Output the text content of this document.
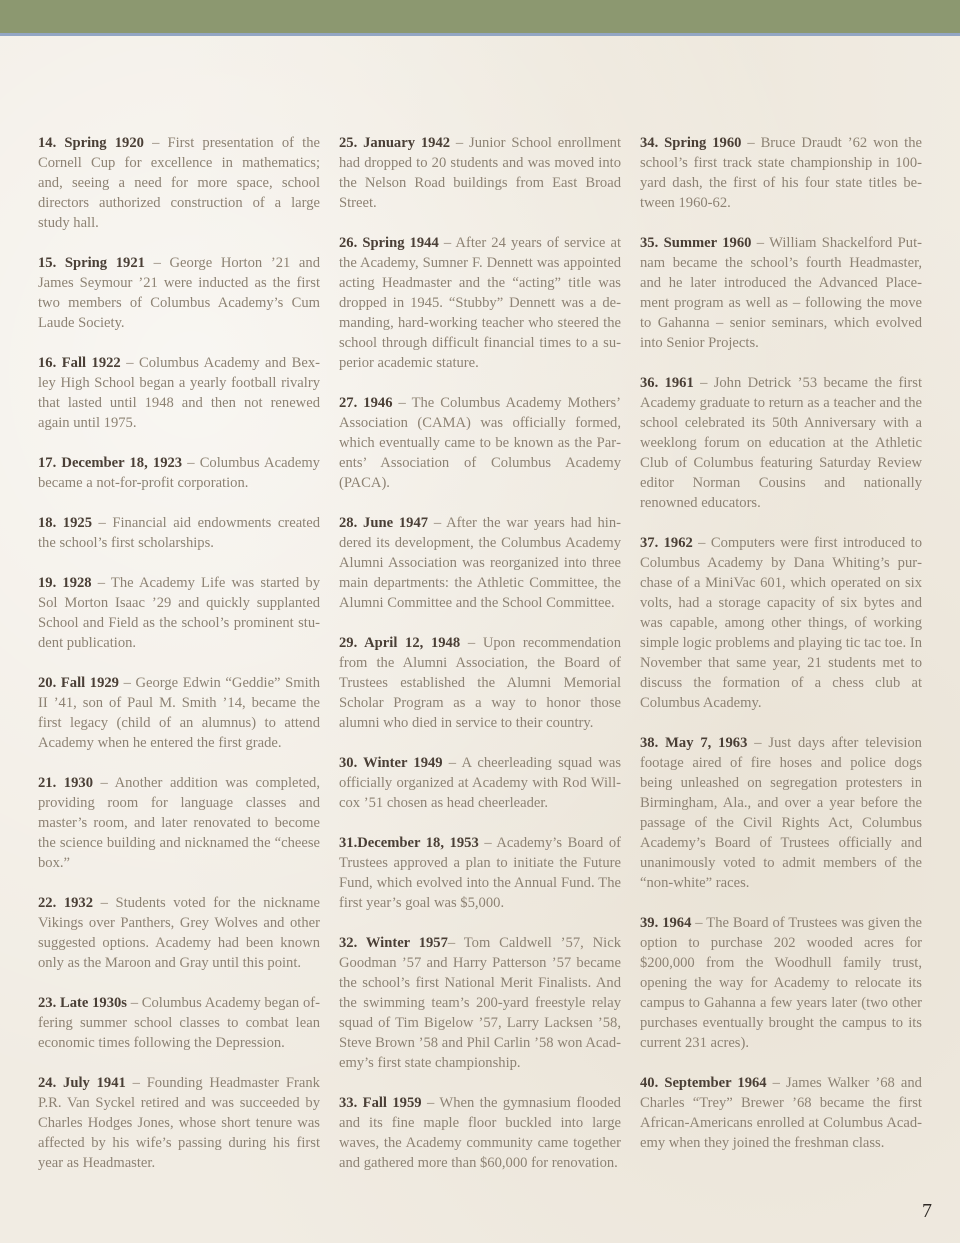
14. Spring 1920 – First presentation of the Cornell Cup for excellence in mathematics; and, seeing a need for more space, school directors authorized construction of a large study hall.

15. Spring 1921 – George Horton ’21 and James Seymour ’21 were inducted as the first two members of Columbus Academy’s Cum Laude Society.

16. Fall 1922 – Columbus Academy and Bexley High School began a yearly football rivalry that lasted until 1948 and then not renewed again until 1975.

17. December 18, 1923 – Columbus Academy became a not-for-profit corporation.

18. 1925 – Financial aid endowments created the school’s first scholarships.

19. 1928 – The Academy Life was started by Sol Morton Isaac ’29 and quickly supplanted School and Field as the school’s prominent student publication.

20. Fall 1929 – George Edwin “Geddie” Smith II ’41, son of Paul M. Smith ’14, became the first legacy (child of an alumnus) to attend Academy when he entered the first grade.

21. 1930 – Another addition was completed, providing room for language classes and master’s room, and later renovated to become the science building and nicknamed the “cheese box.”

22. 1932 – Students voted for the nickname Vikings over Panthers, Grey Wolves and other suggested options. Academy had been known only as the Maroon and Gray until this point.

23. Late 1930s – Columbus Academy began offering summer school classes to combat lean economic times following the Depression.

24. July 1941 – Founding Headmaster Frank P.R. Van Syckel retired and was succeeded by Charles Hodges Jones, whose short tenure was affected by his wife’s passing during his first year as Headmaster.

25. January 1942 – Junior School enrollment had dropped to 20 students and was moved into the Nelson Road buildings from East Broad Street.

26. Spring 1944 – After 24 years of service at the Academy, Sumner F. Dennett was appointed acting Headmaster and the “acting” title was dropped in 1945. “Stubby” Dennett was a demanding, hard-working teacher who steered the school through difficult financial times to a superior academic stature.

27. 1946 – The Columbus Academy Mothers’ Association (CAMA) was officially formed, which eventually came to be known as the Parents’ Association of Columbus Academy (PACA).

28. June 1947 – After the war years had hindered its development, the Columbus Academy Alumni Association was reorganized into three main departments: the Athletic Committee, the Alumni Committee and the School Committee.

29. April 12, 1948 – Upon recommendation from the Alumni Association, the Board of Trustees established the Alumni Memorial Scholar Program as a way to honor those alumni who died in service to their country.

30. Winter 1949 – A cheerleading squad was officially organized at Academy with Rod Willcox ’51 chosen as head cheerleader.

31.December 18, 1953 – Academy’s Board of Trustees approved a plan to initiate the Future Fund, which evolved into the Annual Fund. The first year’s goal was $5,000.

32. Winter 1957– Tom Caldwell ’57, Nick Goodman ’57 and Harry Patterson ’57 became the school’s first National Merit Finalists. And the swimming team’s 200-yard freestyle relay squad of Tim Bigelow ’57, Larry Lacksen ’58, Steve Brown ’58 and Phil Carlin ’58 won Academy’s first state championship.

33. Fall 1959 – When the gymnasium flooded and its fine maple floor buckled into large waves, the Academy community came together and gathered more than $60,000 for renovation.

34. Spring 1960 – Bruce Draudt ’62 won the school’s first track state championship in 100-yard dash, the first of his four state titles between 1960-62.

35. Summer 1960 – William Shackelford Putnam became the school’s fourth Headmaster, and he later introduced the Advanced Placement program as well as – following the move to Gahanna – senior seminars, which evolved into Senior Projects.

36. 1961 – John Detrick ’53 became the first Academy graduate to return as a teacher and the school celebrated its 50th Anniversary with a weeklong forum on education at the Athletic Club of Columbus featuring Saturday Review editor Norman Cousins and nationally renowned educators.

37. 1962 – Computers were first introduced to Columbus Academy by Dana Whiting’s purchase of a MiniVac 601, which operated on six volts, had a storage capacity of six bytes and was capable, among other things, of working simple logic problems and playing tic tac toe. In November that same year, 21 students met to discuss the formation of a chess club at Columbus Academy.

38. May 7, 1963 – Just days after television footage aired of fire hoses and police dogs being unleashed on segregation protesters in Birmingham, Ala., and over a year before the passage of the Civil Rights Act, Columbus Academy’s Board of Trustees officially and unanimously voted to admit members of the “non-white” races.

39. 1964 – The Board of Trustees was given the option to purchase 202 wooded acres for $200,000 from the Woodhull family trust, opening the way for Academy to relocate its campus to Gahanna a few years later (two other purchases eventually brought the campus to its current 231 acres).

40. September 1964 – James Walker ’68 and Charles “Trey” Brewer ’68 became the first African-Americans enrolled at Columbus Academy when they joined the freshman class.

7
